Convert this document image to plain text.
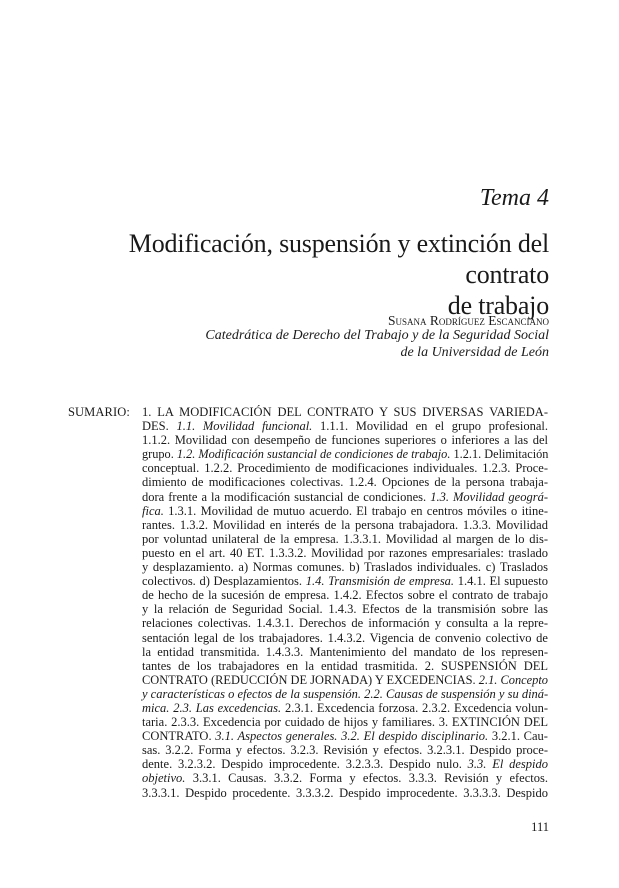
Tema 4
Modificación, suspensión y extinción del contrato
de trabajo
Susana Rodríguez Escanciano
Catedrática de Derecho del Trabajo y de la Seguridad Social
de la Universidad de León
SUMARIO: 1. LA MODIFICACIÓN DEL CONTRATO Y SUS DIVERSAS VARIEDA-
DES. 1.1. Movilidad funcional. 1.1.1. Movilidad en el grupo profesional.
1.1.2. Movilidad con desempeño de funciones superiores o inferiores a las del
grupo. 1.2. Modificación sustancial de condiciones de trabajo. 1.2.1. Delimitación
conceptual. 1.2.2. Procedimiento de modificaciones individuales. 1.2.3. Proce-
dimiento de modificaciones colectivas. 1.2.4. Opciones de la persona trabaja-
dora frente a la modificación sustancial de condiciones. 1.3. Movilidad geográ-
fica. 1.3.1. Movilidad de mutuo acuerdo. El trabajo en centros móviles o itine-
rantes. 1.3.2. Movilidad en interés de la persona trabajadora. 1.3.3. Movilidad
por voluntad unilateral de la empresa. 1.3.3.1. Movilidad al margen de lo dis-
puesto en el art. 40 ET. 1.3.3.2. Movilidad por razones empresariales: traslado
y desplazamiento. a) Normas comunes. b) Traslados individuales. c) Traslados
colectivos. d) Desplazamientos. 1.4. Transmisión de empresa. 1.4.1. El supuesto
de hecho de la sucesión de empresa. 1.4.2. Efectos sobre el contrato de trabajo
y la relación de Seguridad Social. 1.4.3. Efectos de la transmisión sobre las
relaciones colectivas. 1.4.3.1. Derechos de información y consulta a la repre-
sentación legal de los trabajadores. 1.4.3.2. Vigencia de convenio colectivo de
la entidad transmitida. 1.4.3.3. Mantenimiento del mandato de los represen-
tantes de los trabajadores en la entidad trasmitida. 2. SUSPENSIÓN DEL
CONTRATO (REDUCCIÓN DE JORNADA) Y EXCEDENCIAS. 2.1. Concepto
y características o efectos de la suspensión. 2.2. Causas de suspensión y su diná-
mica. 2.3. Las excedencias. 2.3.1. Excedencia forzosa. 2.3.2. Excedencia volun-
taria. 2.3.3. Excedencia por cuidado de hijos y familiares. 3. EXTINCIÓN DEL
CONTRATO. 3.1. Aspectos generales. 3.2. El despido disciplinario. 3.2.1. Cau-
sas. 3.2.2. Forma y efectos. 3.2.3. Revisión y efectos. 3.2.3.1. Despido proce-
dente. 3.2.3.2. Despido improcedente. 3.2.3.3. Despido nulo. 3.3. El despido
objetivo. 3.3.1. Causas. 3.3.2. Forma y efectos. 3.3.3. Revisión y efectos.
3.3.3.1. Despido procedente. 3.3.3.2. Despido improcedente. 3.3.3.3. Despido
111
